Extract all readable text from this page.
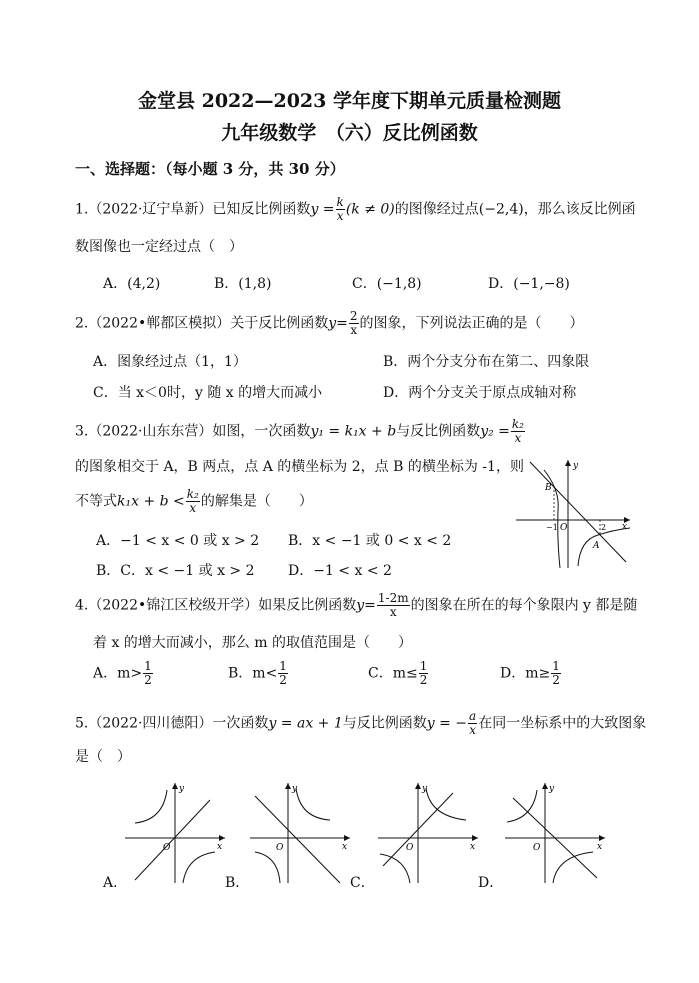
金堂县 2022—2023 学年度下期单元质量检测题
九年级数学　（六）反比例函数
一、选择题：（每小题 3 分，共 30 分）
1.（2022·辽宁阜新）已知反比例函数$y = \frac{k}{x} (k \ne 0)$的图像经过点(−2,4)，那么该反比例函
数图像也一定经过点（　）
A．(4,2)	B．(1,8)	C．(−1,8)	D．(−1,−8)
2.（2022•郸都区模拟）关于反比例函数$y= \frac{2}{x}$ 的图象，下列说法正确的是（　　）
A．图象经过点（1，1）	B．两个分支分布在第二、四象限
C．当 x＜0时，y 随 x 的增大而减小	D．两个分支关于原点成轴对称
3.（2022·山东东营）如图，一次函数y₁ = k₁x + b与反比例函数$y_2 = \frac{\text{k₂}}{x}$
的图象相交于 A，B 两点，点 A 的横坐标为 2，点 B 的横坐标为 -1，则
不等式$k_1x + b < \frac{\text{k₂}}{x}$ 的解集是（　　）
A．−1 < x < 0 或 x > 2 B．x < −1 或 0 < x < 2
B．C．x < −1 或 x > 2 D．−1 < x < 2
y
x
O
B
A
−1	2
4.（2022•锦江区校级开学）如果反比例函数$y= \frac{1-2m}{x}$ 的图象在所在的每个象限内 y 都是随
着 x 的增大而减小，那么 m 的取值范围是（　　）
A．$m> \frac{1}{2}$	B．$m< \frac{1}{2}$	C．$m\le \frac{1}{2}$	D．$m\ge \frac{1}{2}$
5.（2022·四川德阳）一次函数y = ax + 1与反比例函数y = − $\frac{a}{x}$ 在同一坐标系中的大致图象
是（　）
y
x
O
y
x
O
y
x
O
y
x
O
A．	B．	C．	D．
